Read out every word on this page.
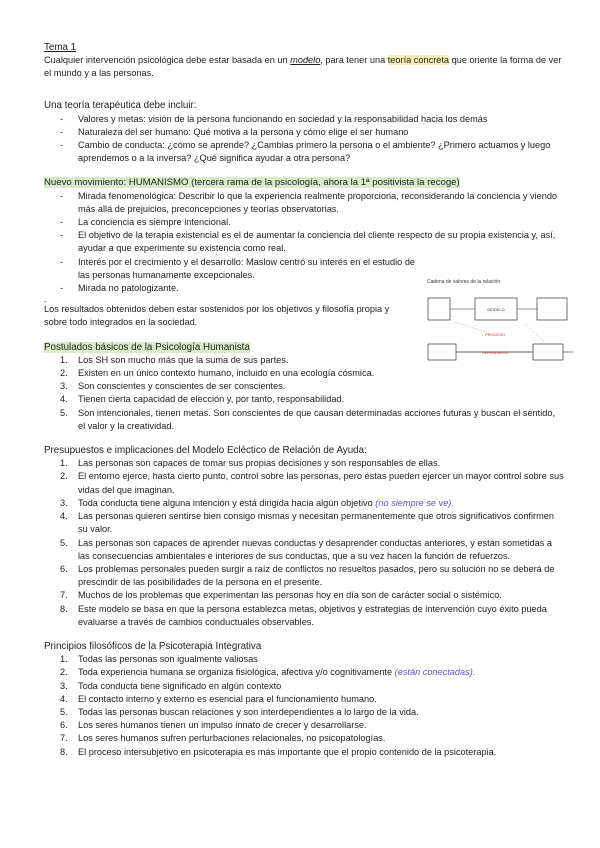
Tema 1

Cualquier intervención psicológica debe estar basada en un modelo, para tener una teoría concreta que oriente la forma de ver el mundo y a las personas.

Una teoría terapéutica debe incluir:
- Valores y metas: visión de la persona funcionando en sociedad y la responsabilidad hacia los demás
- Naturaleza del ser humano: Qué motiva a la persona y cómo elige el ser humano
- Cambio de conducta: ¿cómo se aprende? ¿Cambias primero la persona o el ambiente? ¿Primero actuamos y luego aprendemos o a la inversa? ¿Qué significa ayudar a otra persona?
Nuevo movimiento: HUMANISMO (tercera rama de la psicología, ahora la 1ª positivista la recoge)
- Mirada fenomenológica: Describir lo que la experiencia realmente proporciona, reconsiderando la conciencia y viendo más allá de prejuicios, preconcepciones y teorías observatorias.
- La conciencia es siempre intencional.
- El objetivo de la terapia existencial es el de aumentar la conciencia del cliente respecto de su propia existencia y, así, ayudar a que experimente su existencia como real.
- Interés por el crecimiento y el desarrollo: Maslow centró su interés en el estudio de las personas humanamente excepcionales.
- Mirada no patologizante.
.

Los resultados obtenidos deben estar sostenidos por los objetivos y filosofía propia y sobre todo integrados en la sociedad.

Postulados básicos de la Psicología Humanista
1. Los SH son mucho más que la suma de sus partes.
2. Existen en un único contexto humano, incluido en una ecología cósmica.
3. Son conscientes y conscientes de ser conscientes.
4. Tienen cierta capacidad de elección y, por tanto, responsabilidad.
5. Son intencionales, tienen metas. Son conscientes de que causan determinadas acciones futuras y buscan el sentido, el valor y la creatividad.
Presupuestos e implicaciones del Modelo Ecléctico de Relación de Ayuda:
1. Las personas son capaces de tomar sus propias decisiones y son responsables de ellas.
2. El entorno ejerce, hasta cierto punto, control sobre las personas, pero éstas pueden ejercer un mayor control sobre sus vidas del que imaginan.
3. Toda conducta tiene alguna intención y está dirigida hacia algún objetivo (no siempre se ve).
4. Las personas quieren sentirse bien consigo mismas y necesitan permanentemente que otros significativos confirmen su valor.
5. Las personas son capaces de aprender nuevas conductas y desaprender conductas anteriores, y están sometidas a las consecuencias ambientales e interiores de sus conductas, que a su vez hacen la función de refuerzos.
6. Los problemas personales pueden surgir a raíz de conflictos no resueltos pasados, pero su solución no se deberá de prescindir de las posibilidades de la persona en el presente.
7. Muchos de los problemas que experimentan las personas hoy en día son de carácter social o sistémico.
8. Este modelo se basa en que la persona establezca metas, objetivos y estrategias de intervención cuyo éxito pueda evaluarse a través de cambios conductuales observables.
Principios filosóficos de la Psicoterapia Integrativa
1. Todas las personas son igualmente valiosas
2. Toda experiencia humana se organiza fisiológica, afectiva y/o cognitivamente (están conectadas).
3. Toda conducta tiene significado en algún contexto
4. El contacto interno y externo es esencial para el funcionamiento humano.
5. Todas las personas buscan relaciones y son interdependientes a lo largo de la vida.
6. Los seres humanos tienen un impulso innato de crecer y desarrollarse.
7. Los seres humanos sufren perturbaciones relacionales, no psicopatologías.
8. El proceso intersubjetivo en psicoterapia es más importante que el propio contenido de la psicoterapia.
Cadena de valores de la relación
MODELO
PROCESO
HERRAMIENTA
